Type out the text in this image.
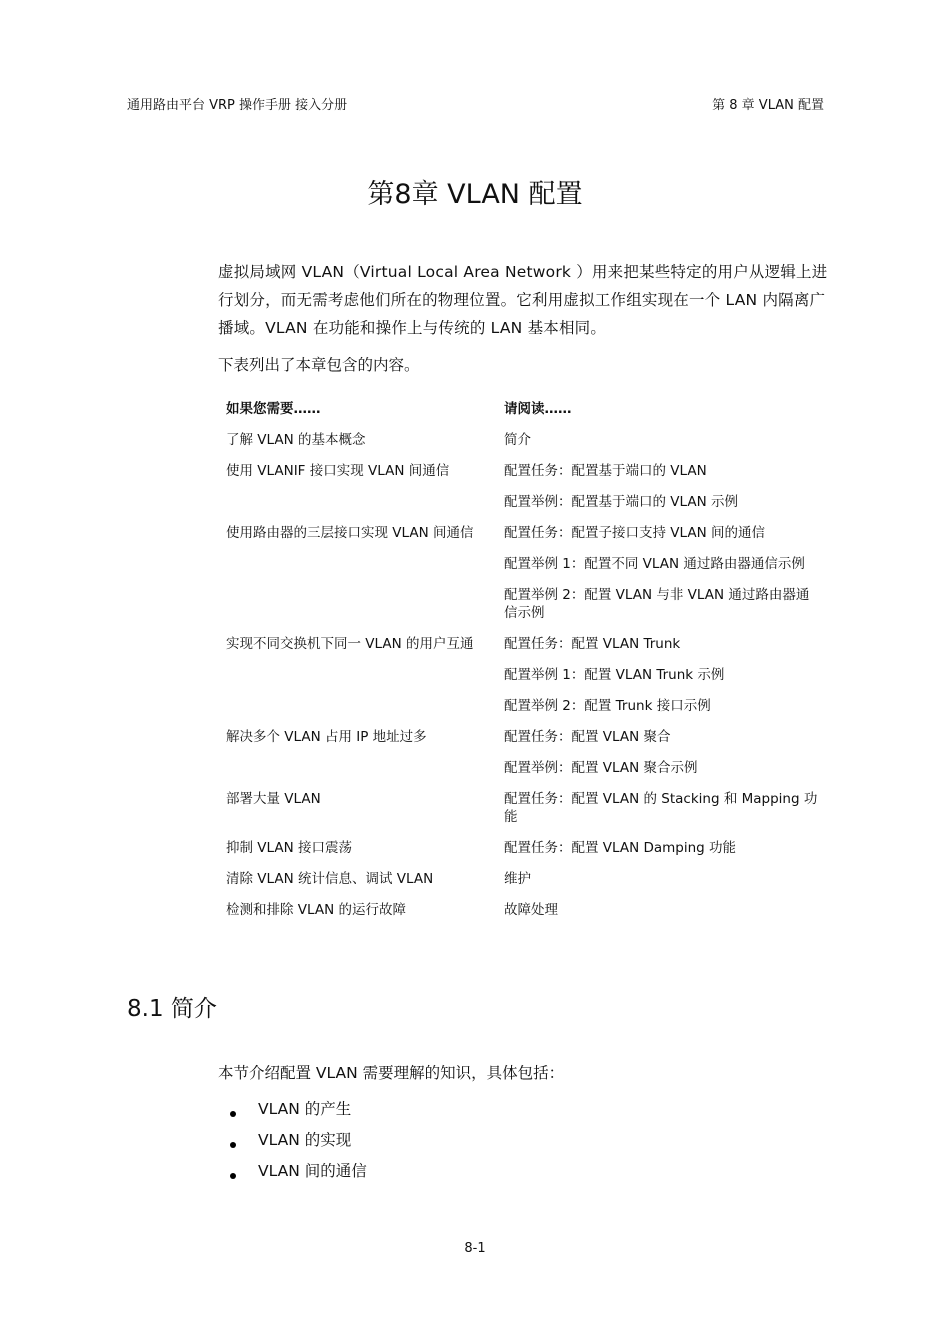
通用路由平台 VRP 操作手册 接入分册	第 8 章 VLAN 配置
第8章 VLAN 配置
虚拟局域网 VLAN（Virtual Local Area Network ）用来把某些特定的用户从逻辑上进行划分，而无需考虑他们所在的物理位置。它利用虚拟工作组实现在一个 LAN 内隔离广播域。VLAN 在功能和操作上与传统的 LAN 基本相同。
下表列出了本章包含的内容。
如果您需要……	请阅读……
了解 VLAN 的基本概念	简介
使用 VLANIF 接口实现 VLAN 间通信	配置任务：配置基于端口的 VLAN
配置举例：配置基于端口的 VLAN 示例
使用路由器的三层接口实现 VLAN 间通信	配置任务：配置子接口支持 VLAN 间的通信
配置举例 1：配置不同 VLAN 通过路由器通信示例
配置举例 2：配置 VLAN 与非 VLAN 通过路由器通信示例
实现不同交换机下同一 VLAN 的用户互通	配置任务：配置 VLAN Trunk
配置举例 1：配置 VLAN Trunk 示例
配置举例 2：配置 Trunk 接口示例
解决多个 VLAN 占用 IP 地址过多	配置任务：配置 VLAN 聚合
配置举例：配置 VLAN 聚合示例
部署大量 VLAN	配置任务：配置 VLAN 的 Stacking 和 Mapping 功能
抑制 VLAN 接口震荡	配置任务：配置 VLAN Damping 功能
清除 VLAN 统计信息、调试 VLAN	维护
检测和排除 VLAN 的运行故障	故障处理
8.1 简介
本节介绍配置 VLAN 需要理解的知识，具体包括：
VLAN 的产生
VLAN 的实现
VLAN 间的通信
8-1
